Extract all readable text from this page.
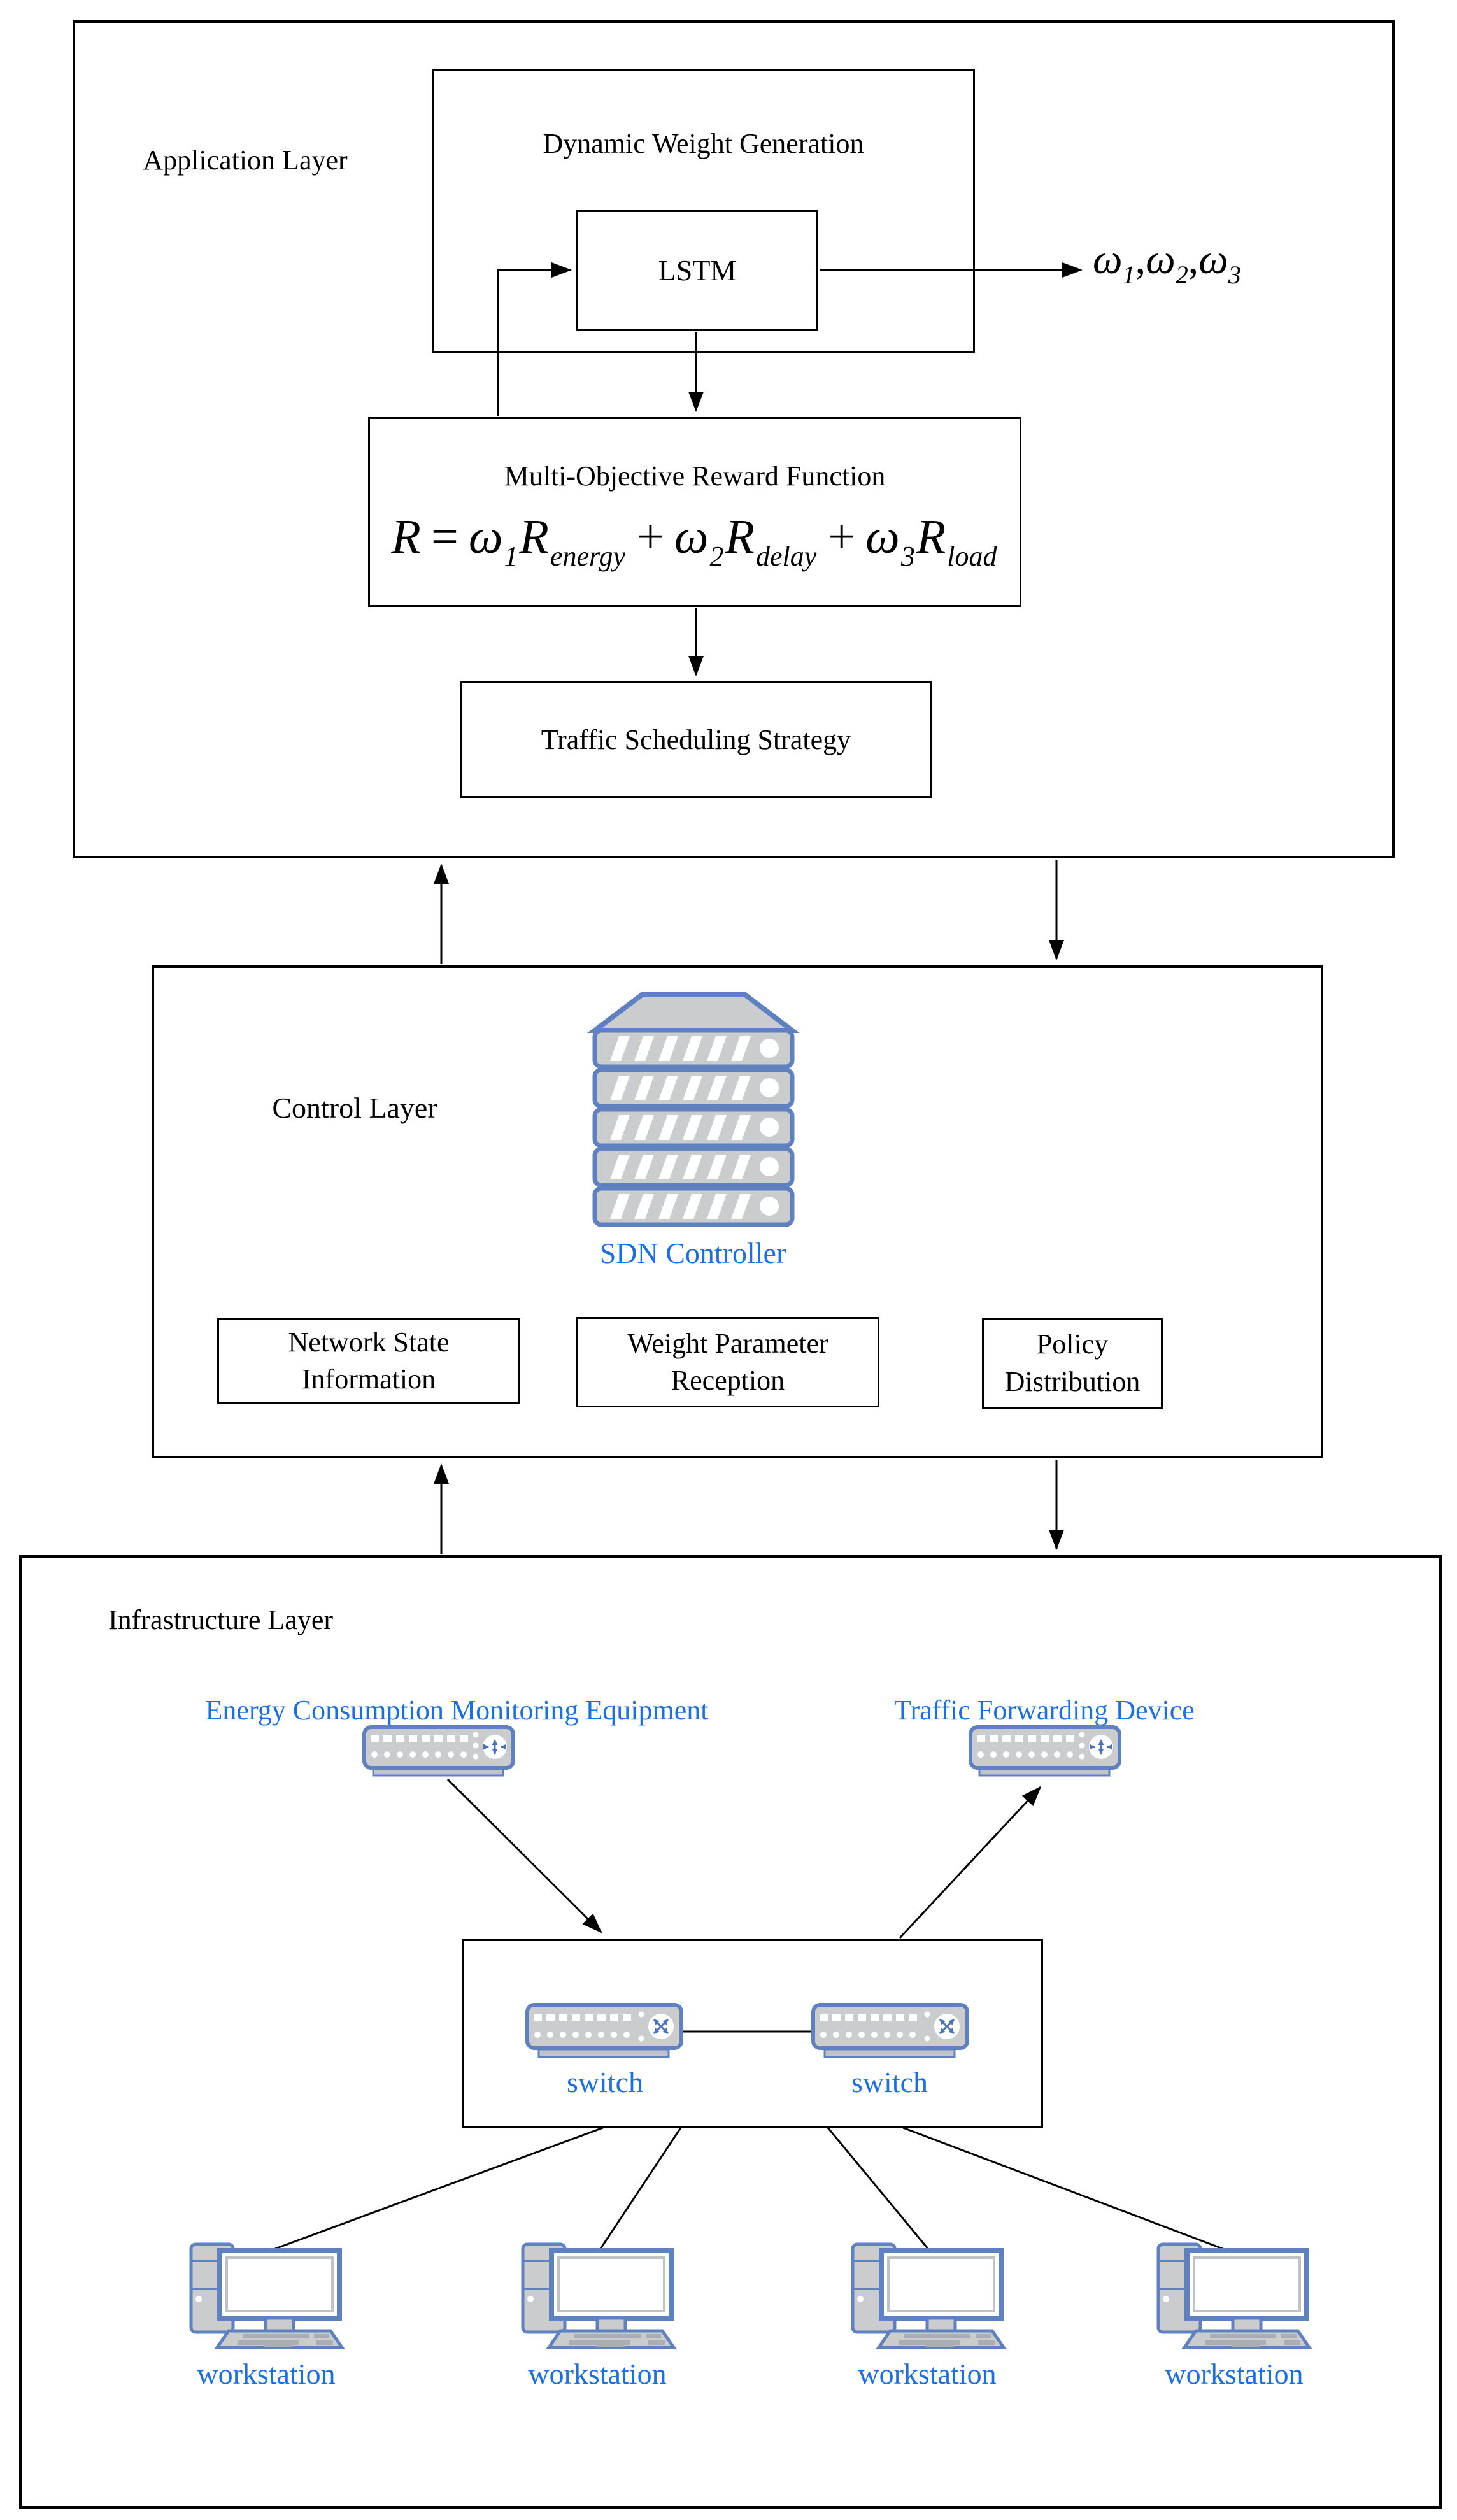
Application Layer
Dynamic Weight Generation
LSTM	$\omega_1,\omega_2,\omega_3$
Multi-Objective Reward Function
$R = \omega_1R_{energy} + \omega_2R_{delay} + \omega_3R_{load}$
Traffic Scheduling Strategy
Control Layer
SDN Controller
Network State
Information
Weight Parameter
Reception
Policy
Distribution
Infrastructure Layer
Energy Consumption Monitoring Equipment	Traffic Forwarding Device
switch	switch
workstation	workstation	workstation	workstation
